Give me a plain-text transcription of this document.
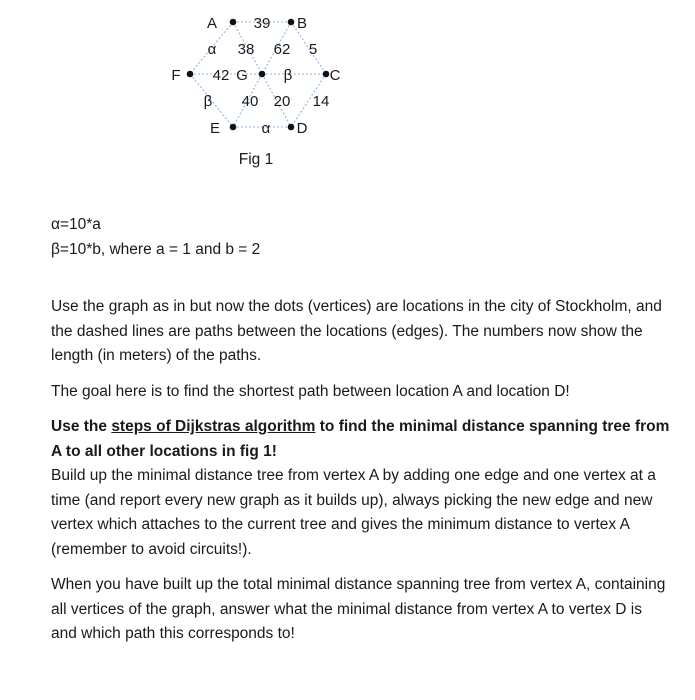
39
α 38 62 5
42	β
β 40 20 14
α
A	B
C
D
E
F	G
Fig 1
α=10*a
β=10*b, where a = 1 and b = 2

Use the graph as in but now the dots (vertices) are locations in the city of Stockholm, and the dashed lines are paths between the locations (edges). The numbers now show the length (in meters) of the paths.

The goal here is to find the shortest path between location A and location D!

Use the steps of Dijkstras algorithm to find the minimal distance spanning tree from A to all other locations in fig 1!

Build up the minimal distance tree from vertex A by adding one edge and one vertex at a time (and report every new graph as it builds up), always picking the new edge and new vertex which attaches to the current tree and gives the minimum distance to vertex A (remember to avoid circuits!).

When you have built up the total minimal distance spanning tree from vertex A, containing all vertices of the graph, answer what the minimal distance from vertex A to vertex D is and which path this corresponds to!
